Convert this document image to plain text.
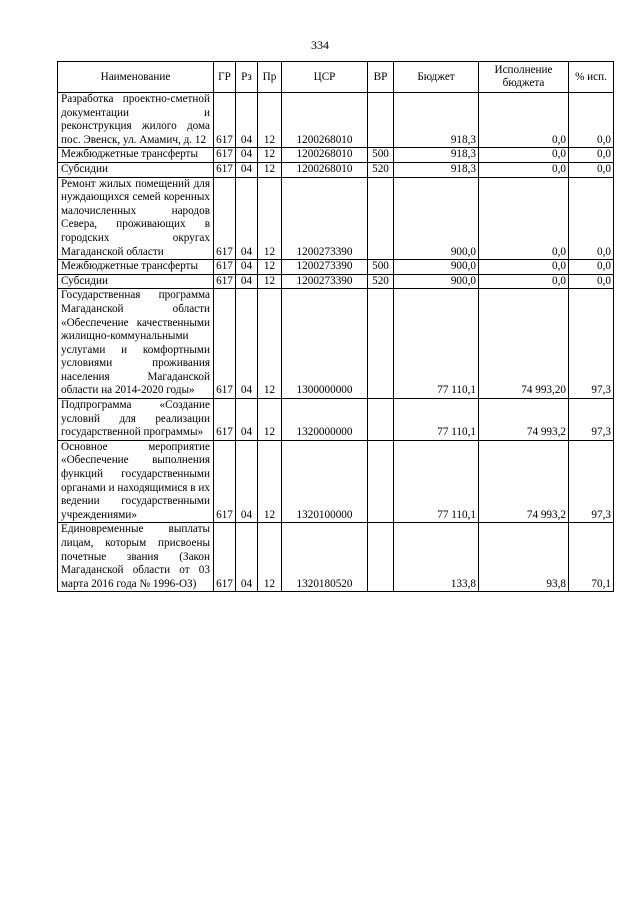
334
Наименование	ГР	Рз	Пр	ЦСР	ВР	Бюджет	Исполнение бюджета	% исп.
Разработка проектно-сметной документации и реконструкция жилого дома пос. Эвенск, ул. Амамич, д. 12	617	04	12	1200268010		918,3	0,0	0,0
Межбюджетные трансферты	617	04	12	1200268010	500	918,3	0,0	0,0
Субсидии	617	04	12	1200268010	520	918,3	0,0	0,0
Ремонт жилых помещений для нуждающихся семей коренных малочисленных народов Севера, проживающих в городских округах Магаданской области	617	04	12	1200273390		900,0	0,0	0,0
Межбюджетные трансферты	617	04	12	1200273390	500	900,0	0,0	0,0
Субсидии	617	04	12	1200273390	520	900,0	0,0	0,0
Государственная программа Магаданской области «Обеспечение качественными жилищно-коммунальными услугами и комфортными условиями проживания населения Магаданской области на 2014-2020 годы»	617	04	12	1300000000		77 110,1	74 993,20	97,3
Подпрограмма «Создание условий для реализации государственной программы»	617	04	12	1320000000		77 110,1	74 993,2	97,3
Основное мероприятие «Обеспечение выполнения функций государственными органами и находящимися в их ведении государственными учреждениями»	617	04	12	1320100000		77 110,1	74 993,2	97,3
Единовременные выплаты лицам, которым присвоены почетные звания (Закон Магаданской области от 03 марта 2016 года № 1996-ОЗ)	617	04	12	1320180520		133,8	93,8	70,1
